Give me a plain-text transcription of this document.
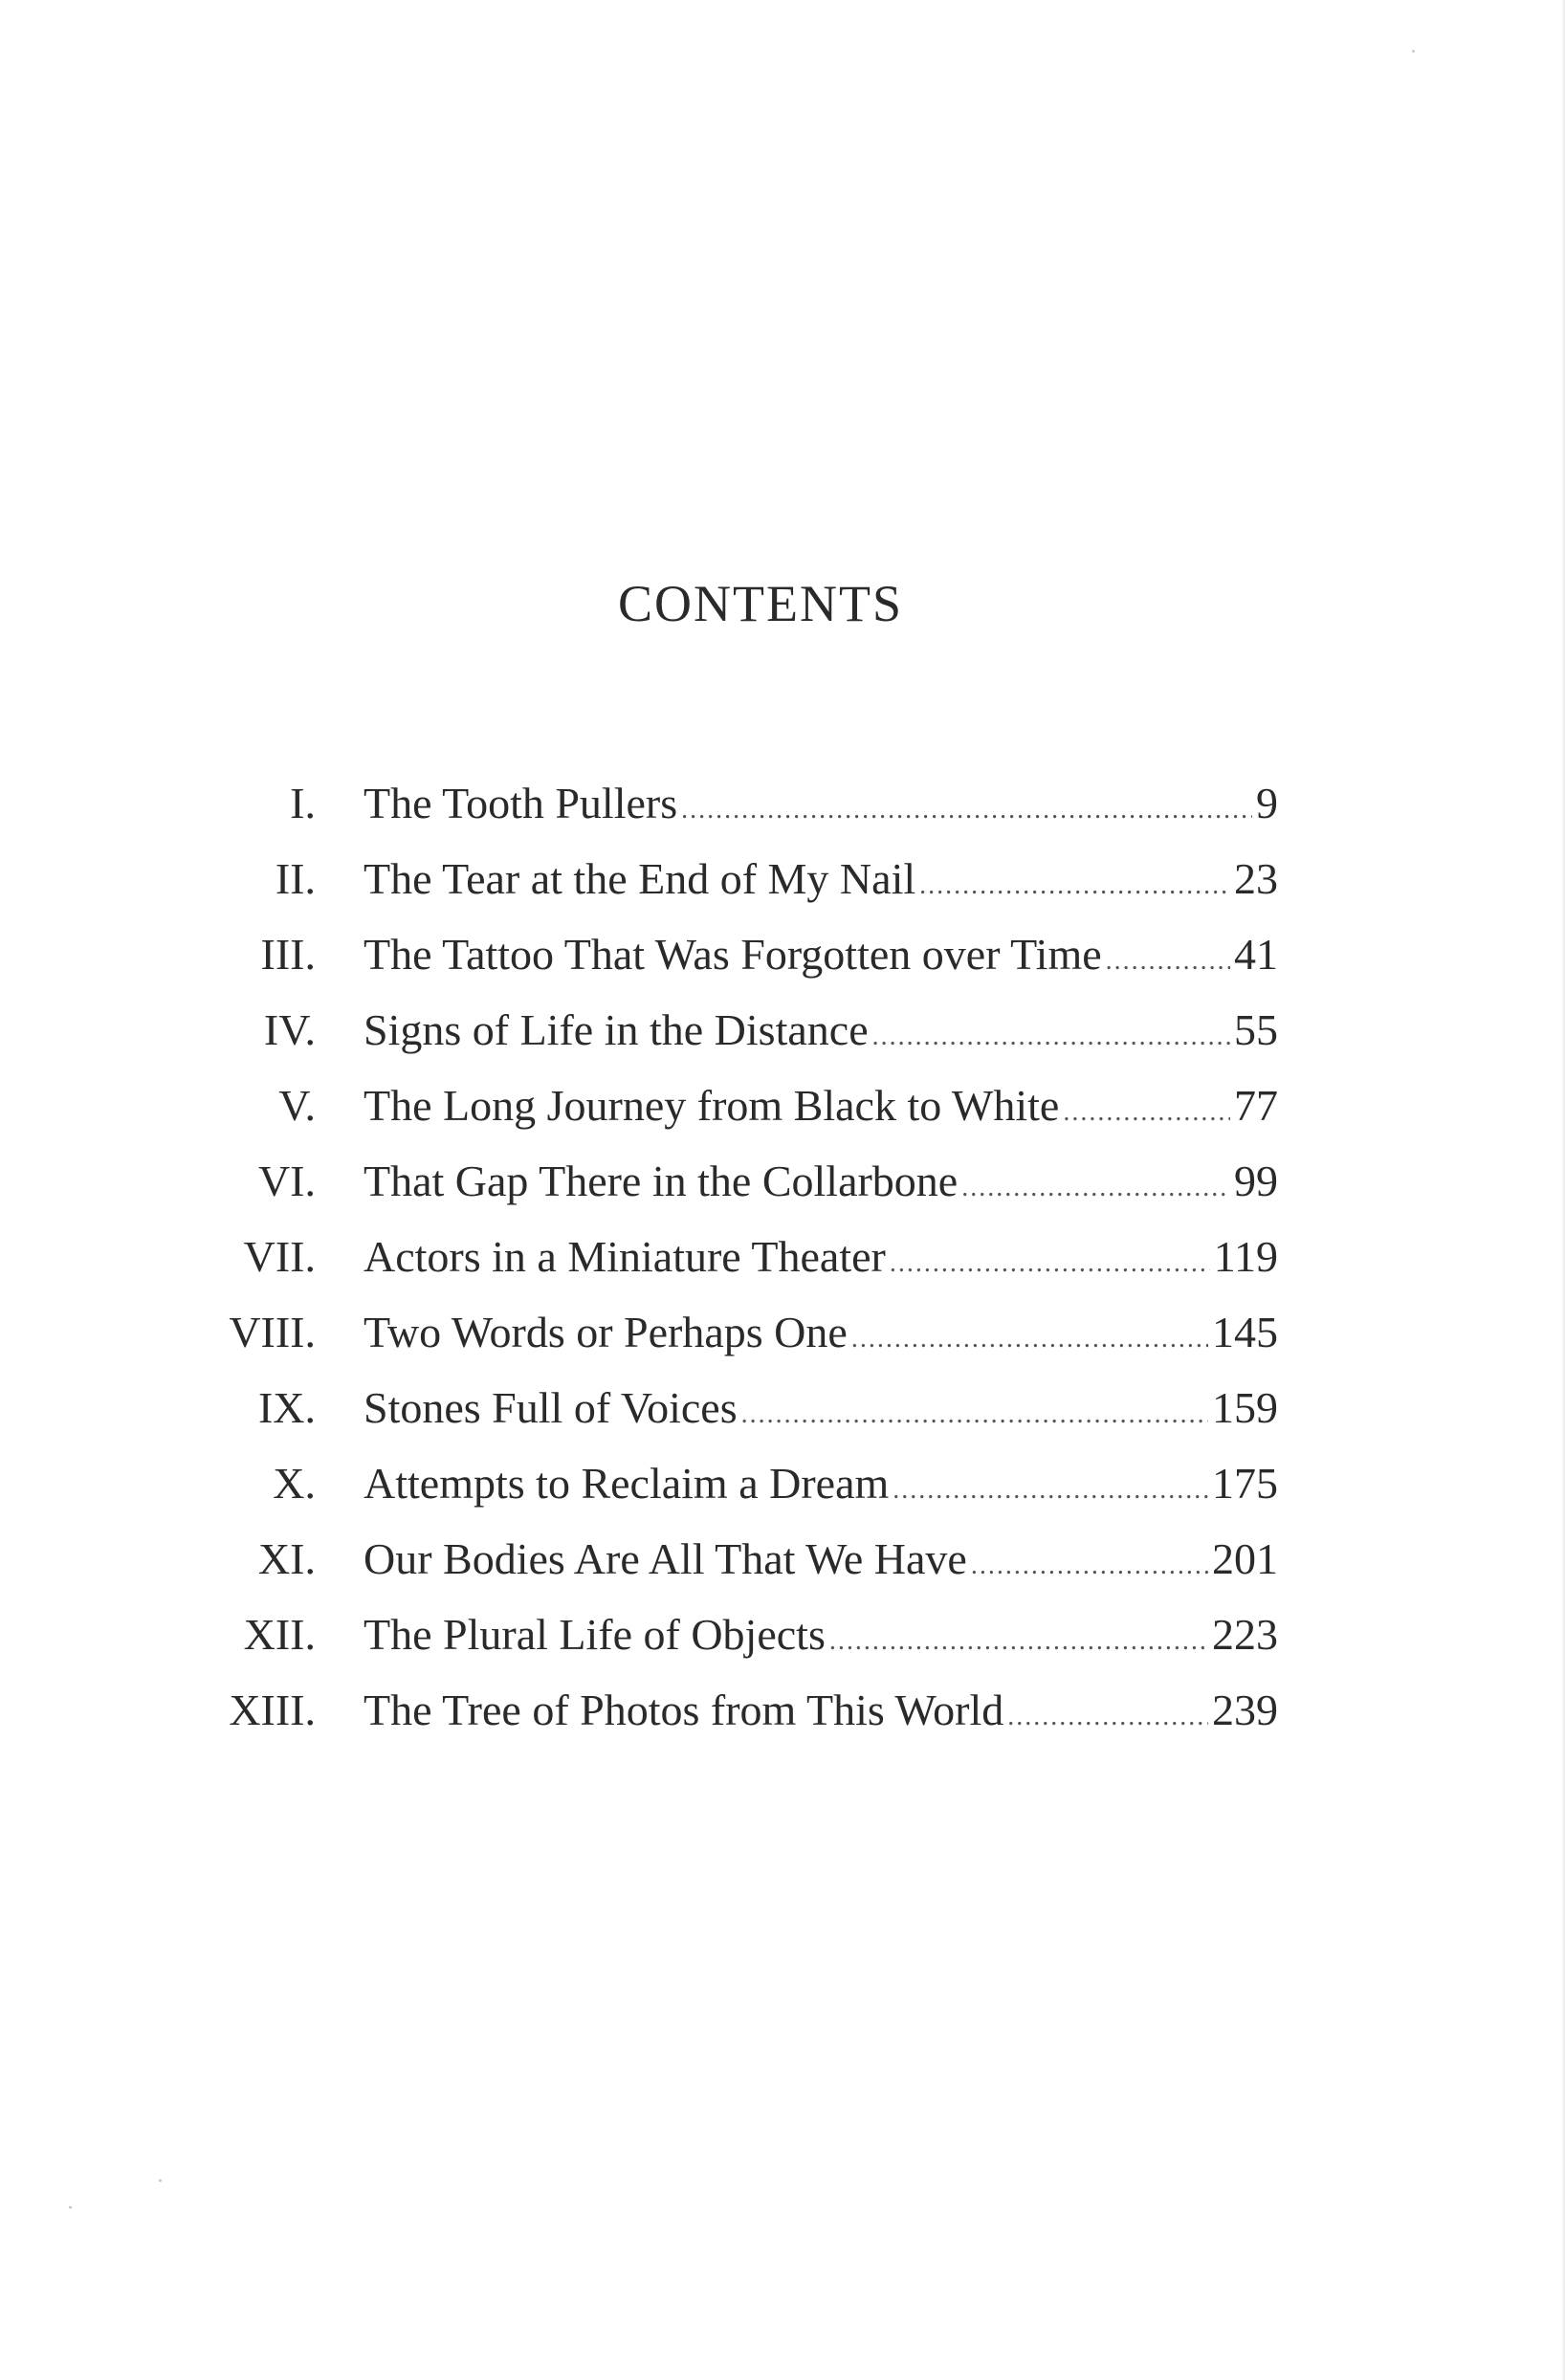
CONTENTS
I. The Tooth Pullers .....	9
II. The Tear at the End of My Nail .....	23
III. The Tattoo That Was Forgotten over Time .....	41
IV. Signs of Life in the Distance .....	55
V. The Long Journey from Black to White .....	77
VI. That Gap There in the Collarbone .....	99
VII. Actors in a Miniature Theater .....	119
VIII. Two Words or Perhaps One .....	145
IX. Stones Full of Voices .....	159
X. Attempts to Reclaim a Dream .....	175
XI. Our Bodies Are All That We Have .....	201
XII. The Plural Life of Objects .....	223
XIII. The Tree of Photos from This World .....	239
